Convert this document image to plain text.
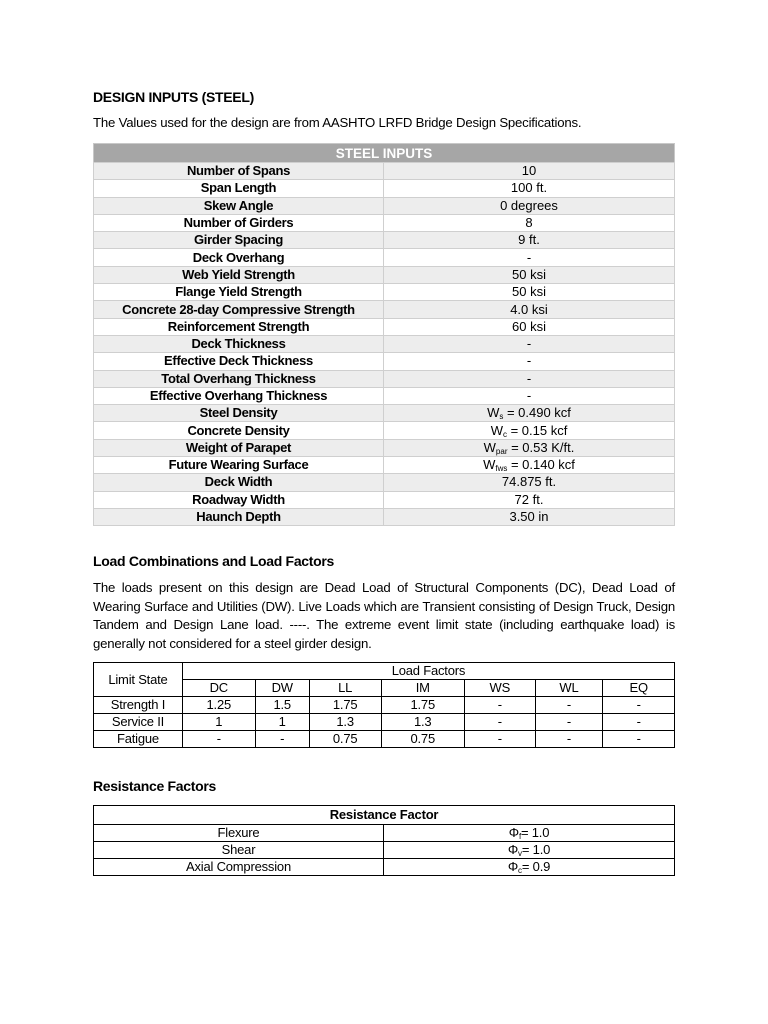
DESIGN INPUTS (STEEL)
The Values used for the design are from AASHTO LRFD Bridge Design Specifications.
STEEL INPUTS	
Number of Spans	10
Span Length	100 ft.
Skew Angle	0 degrees
Number of Girders	8
Girder Spacing	9 ft.
Deck Overhang	-
Web Yield Strength	50 ksi
Flange Yield Strength	50 ksi
Concrete 28-day Compressive Strength	4.0 ksi
Reinforcement Strength	60 ksi
Deck Thickness	-
Effective Deck Thickness	-
Total Overhang Thickness	-
Effective Overhang Thickness	-
Steel Density	$W_s = 0.490$ kcf
Concrete Density	$W_c = 0.15$ kcf
Weight of Parapet	$W_{par} = 0.53$ K/ft.
Future Wearing Surface	$W_{fws} = 0.140$ kcf
Deck Width	74.875 ft.
Roadway Width	72 ft.
Haunch Depth	3.50 in
Load Combinations and Load Factors
The loads present on this design are Dead Load of Structural Components (DC), Dead Load of Wearing Surface and Utilities (DW). Live Loads which are Transient consisting of Design Truck, Design Tandem and Design Lane load. ----. The extreme event limit state (including earthquake load) is generally not considered for a steel girder design.
Limit State	Load Factors						
	DC	DW	LL	IM	WS	WL	EQ
Strength I	1.25	1.5	1.75	1.75	-	-	-
Service II	1	1	1.3	1.3	-	-	-
Fatigue	-	-	0.75	0.75	-	-	-
Resistance Factors
Resistance Factor	
Flexure	$\Phi_f= 1.0$
Shear	$\Phi_v= 1.0$
Axial Compression	$\Phi_c= 0.9$
